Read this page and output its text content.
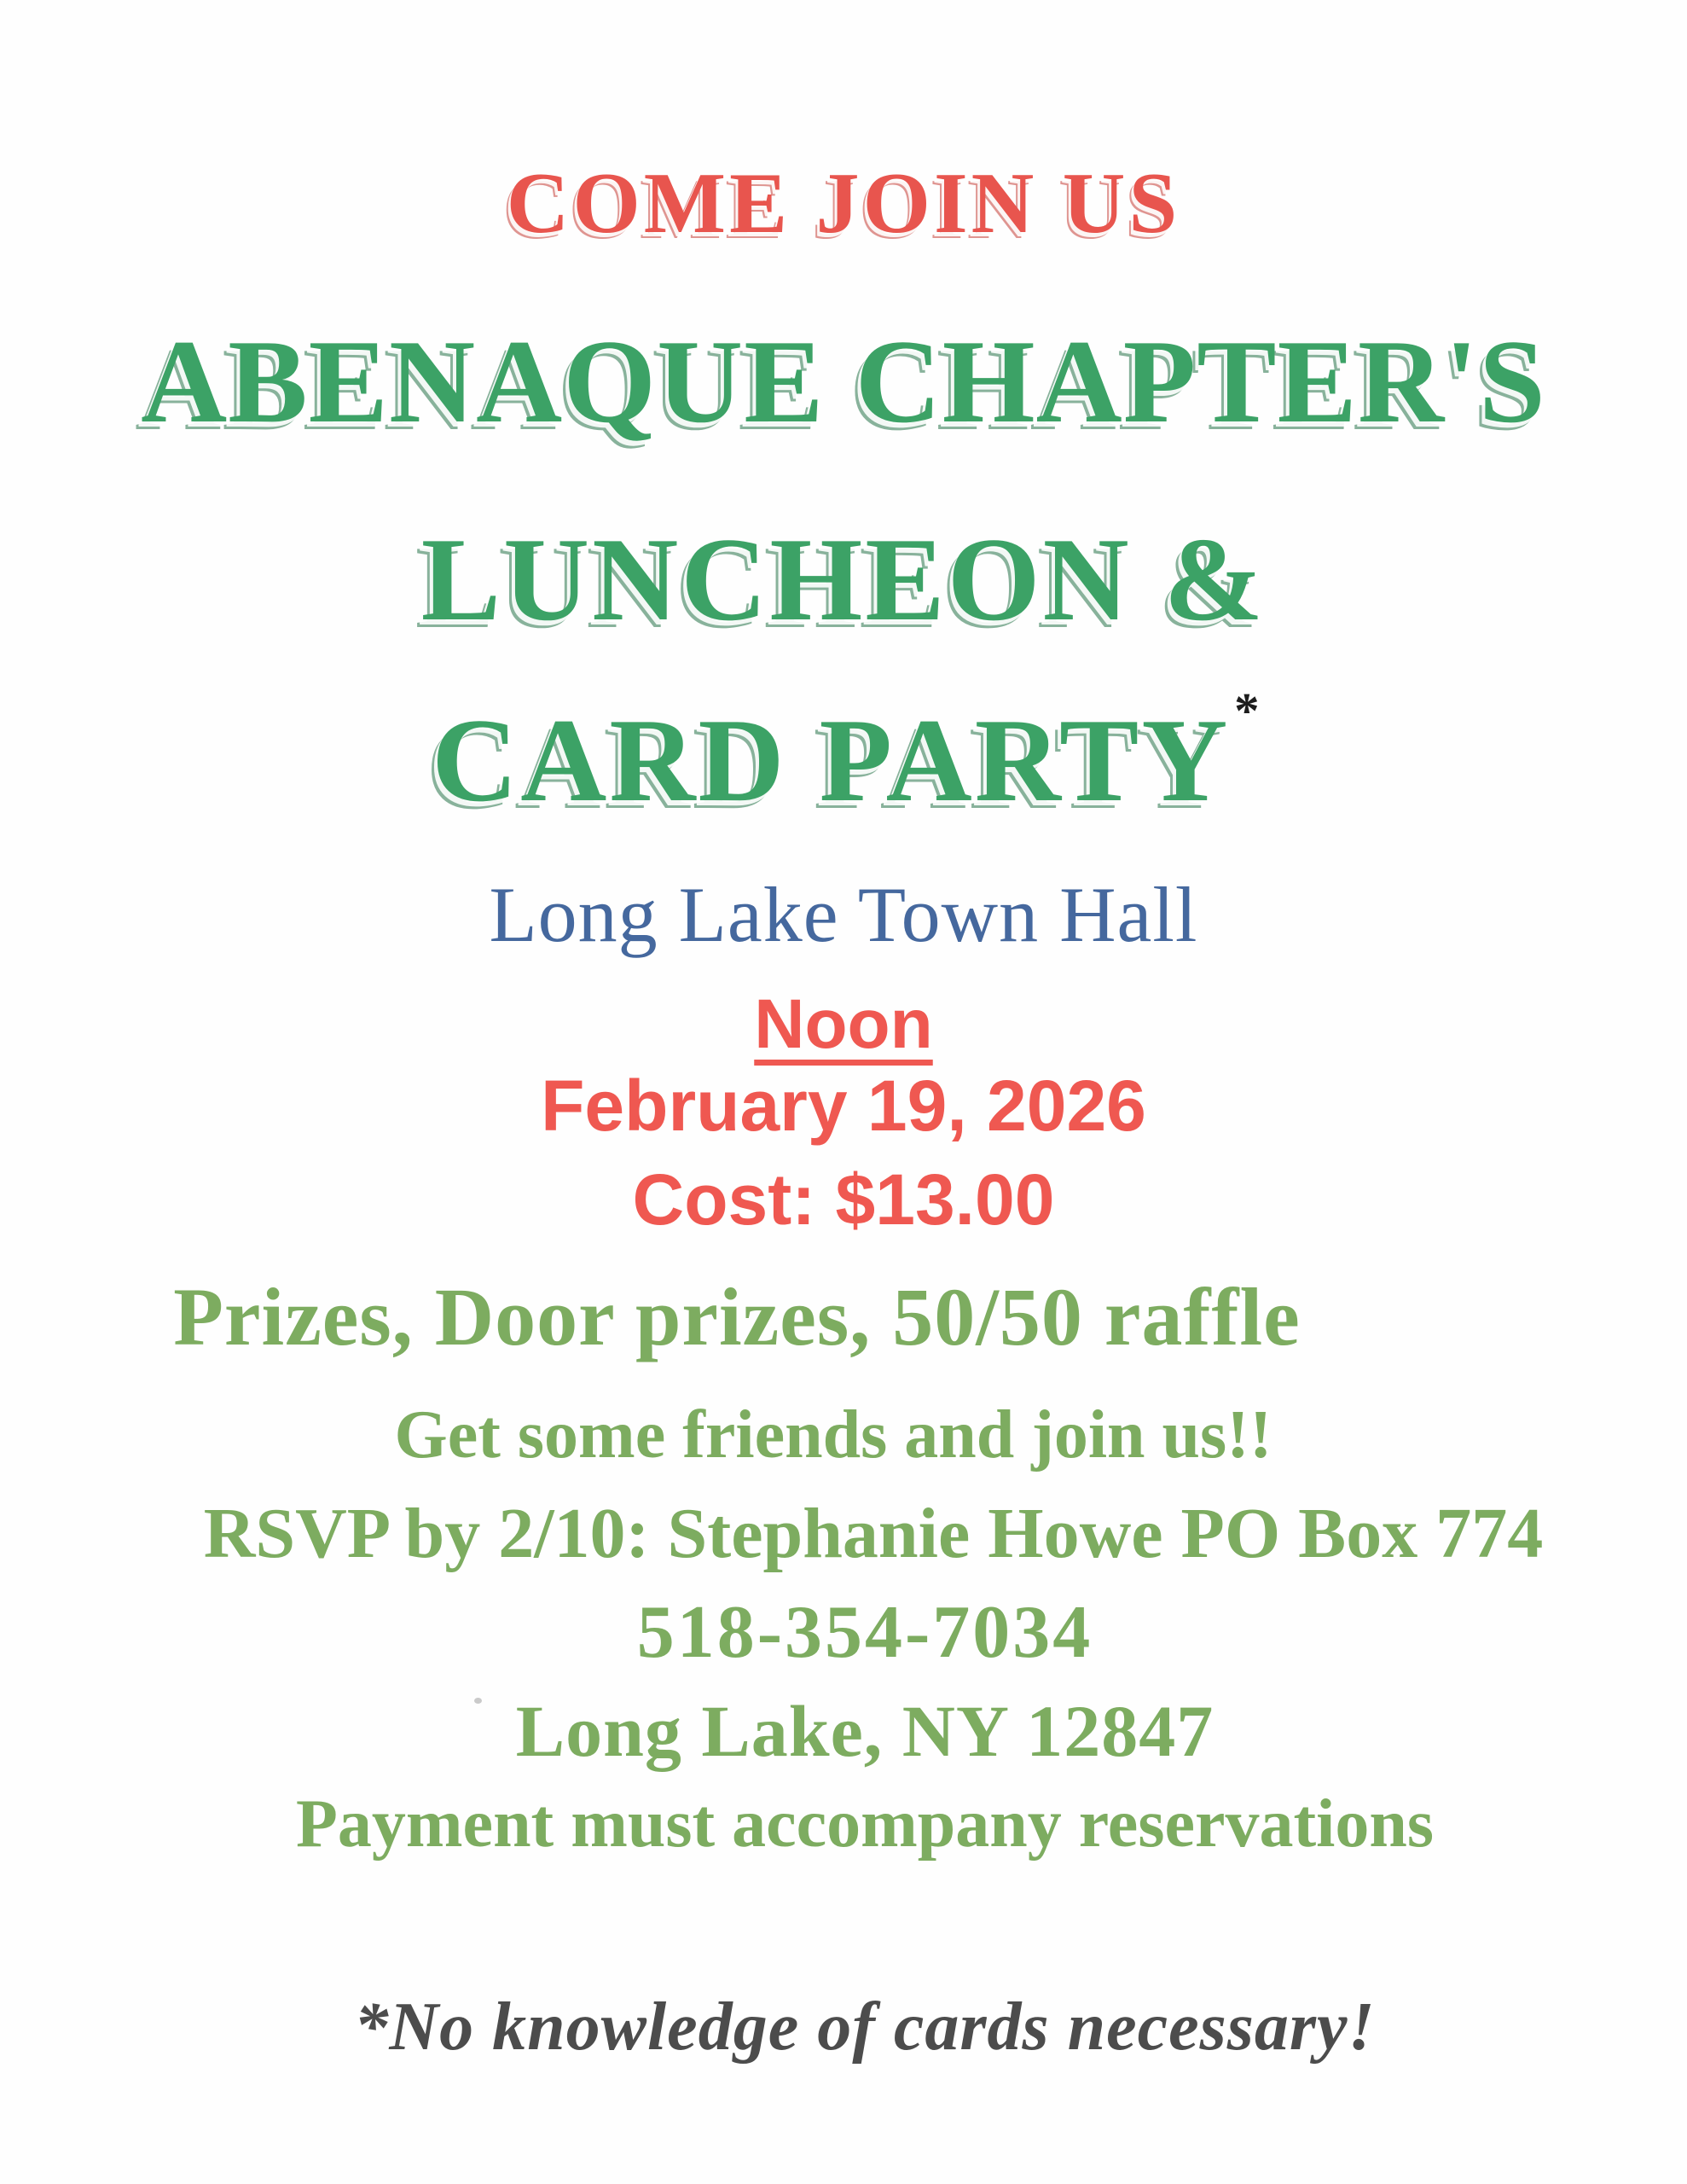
COME JOIN US
ABENAQUE CHAPTER'S
LUNCHEON &
CARD PARTY*
Long Lake Town Hall
Noon
February 19, 2026
Cost: $13.00
Prizes, Door prizes, 50/50 raffle
Get some friends and join us!!
RSVP by 2/10: Stephanie Howe PO Box 774
518-354-7034
Long Lake, NY 12847
Payment must accompany reservations
*No knowledge of cards necessary!
